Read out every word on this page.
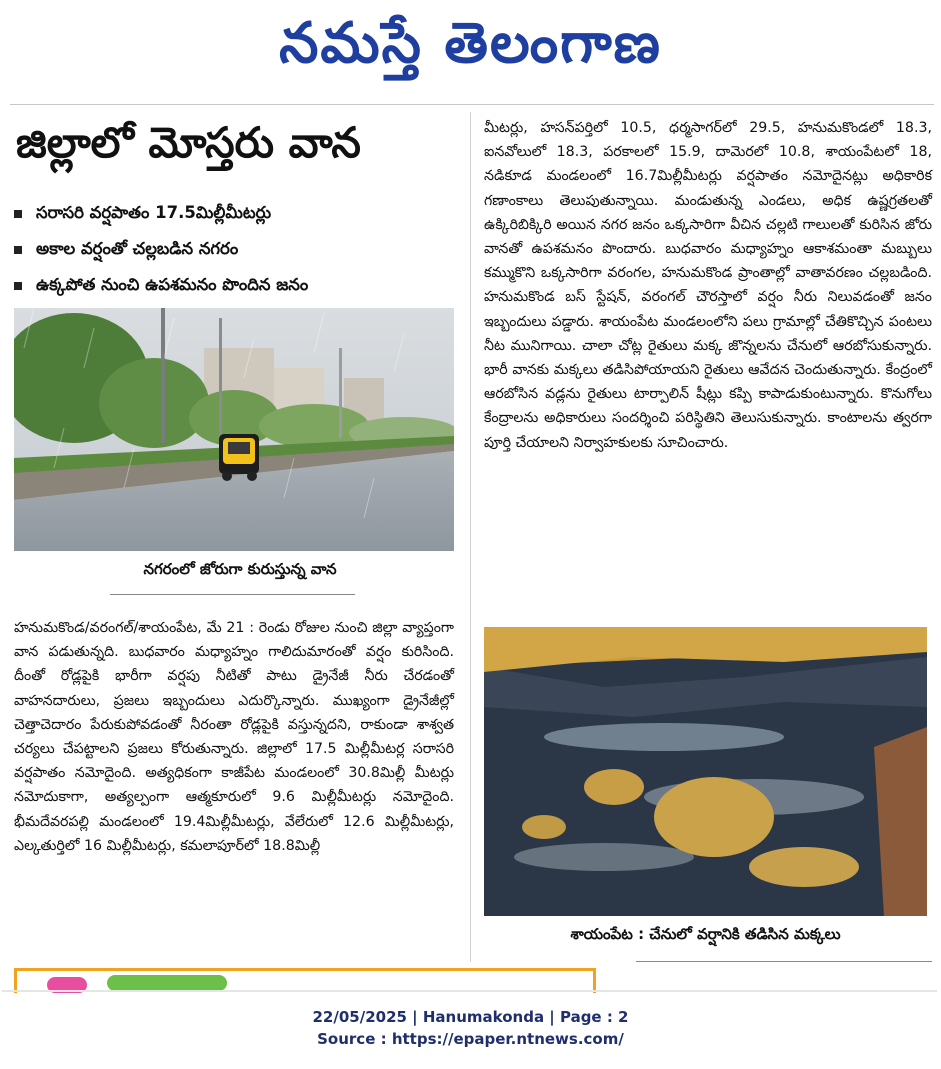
నమస్తే తెలంగాణ
జిల్లాలో మోస్తరు వాన
సరాసరి వర్షపాతం 17.5మిల్లీమీటర్లు
అకాల వర్షంతో చల్లబడిన నగరం
ఉక్కపోత నుంచి ఉపశమనం పొందిన జనం
నగరంలో జోరుగా కురుస్తున్న వాన

హనుమకొండ/వరంగల్/శాయంపేట, మే 21 : రెండు రోజుల నుంచి జిల్లా వ్యాప్తంగా వాన పడుతున్నది. బుధవారం మధ్యాహ్నం గాలిదుమారంతో వర్షం కురిసింది. దీంతో రోడ్లపైకి భారీగా వర్షపు నీటితో పాటు డ్రైనేజీ నీరు చేరడంతో వాహనదారులు, ప్రజలు ఇబ్బందులు ఎదుర్కొన్నారు. ముఖ్యంగా డ్రైనేజీల్లో చెత్తాచెదారం పేరుకుపోవడంతో నీరంతా రోడ్లపైకి వస్తున్నదని, రాకుండా శాశ్వత చర్యలు చేపట్టాలని ప్రజలు కోరుతున్నారు. జిల్లాలో 17.5 మిల్లీమీటర్ల సరాసరి వర్షపాతం నమోదైంది. అత్యధికంగా కాజీపేట మండలంలో 30.8మిల్లీ మీటర్లు నమోదుకాగా, అత్యల్పంగా ఆత్మకూరులో 9.6 మిల్లీమీటర్లు నమోదైంది. భీమదేవరపల్లి మండలంలో 19.4మిల్లీమీటర్లు, వేలేరులో 12.6 మిల్లీమీటర్లు, ఎల్కతుర్తిలో 16 మిల్లీమీటర్లు, కమలాపూర్‌లో 18.8మిల్లీ

మీటర్లు, హసన్‌పర్తిలో 10.5, ధర్మసాగర్‌లో 29.5, హనుమకొండలో 18.3, ఐనవోలులో 18.3, పరకాలలో 15.9, దామెరలో 10.8, శాయంపేటలో 18, నడికూడ మండలంలో 16.7మిల్లీమీటర్లు వర్షపాతం నమోదైనట్లు అధికారిక గణాంకాలు తెలుపుతున్నాయి. మండుతున్న ఎండలు, అధిక ఉష్ణగ్రతలతో ఉక్కిరిబిక్కిరి అయిన నగర జనం ఒక్కసారిగా వీచిన చల్లటి గాలులతో కురిసిన జోరు వానతో ఉపశమనం పొందారు. బుధవారం మధ్యాహ్నం ఆకాశమంతా మబ్బులు కమ్ముకొని ఒక్కసారిగా వరంగల, హనుమకొండ ప్రాంతాల్లో వాతావరణం చల్లబడింది. హనుమకొండ బస్ స్టేషన్, వరంగల్ చౌరస్తాలో వర్షం నీరు నిలువడంతో జనం ఇబ్బందులు పడ్డారు. శాయంపేట మండలంలోని పలు గ్రామాల్లో చేతికొచ్చిన పంటలు నీట మునిగాయి. చాలా చోట్ల రైతులు మక్క జొన్నలను చేనులో ఆరబోసుకున్నారు. భారీ వానకు మక్కలు తడిసిపోయాయని రైతులు ఆవేదన చెందుతున్నారు. కేంద్రంలో ఆరబోసిన వడ్లను రైతులు టార్పాలిన్ షీట్లు కప్పి కాపాడుకుంటున్నారు. కొనుగోలు కేంద్రాలను అధికారులు సందర్శించి పరిస్థితిని తెలుసుకున్నారు. కాంటాలను త్వరగా పూర్తి చేయాలని నిర్వాహకులకు సూచించారు.

శాయంపేట : చేనులో వర్షానికి తడిసిన మక్కలు
22/05/2025 | Hanumakonda | Page : 2
Source : https://epaper.ntnews.com/
